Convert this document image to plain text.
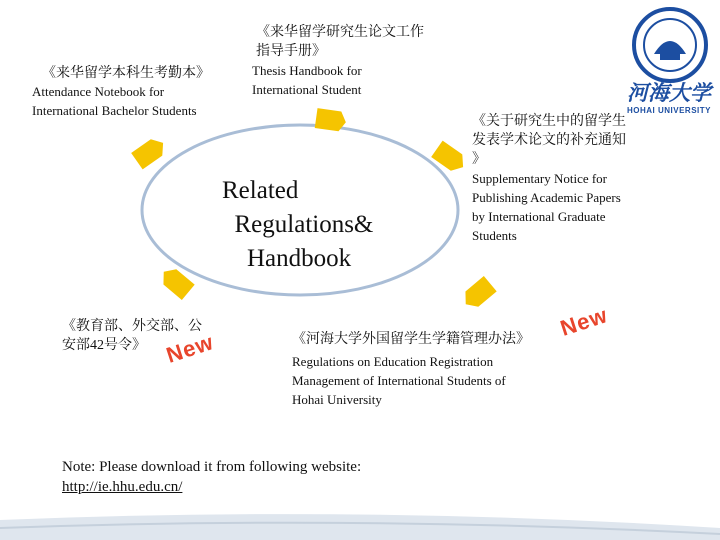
河海大学
HOHAI UNIVERSITY
《来华留学研究生论文工作
指导手册》
Thesis Handbook for
International Student
《来华留学本科生考勤本》
Attendance Notebook for
International Bachelor Students
《关于研究生中的留学生
发表学术论文的补充通知
》
Supplementary Notice for
Publishing Academic Papers
by International Graduate
Students
Related
Regulations&
Handbook
《教育部、外交部、公
安部42号令》 New	《河海大学外国留学生学籍管理办法》 New
Regulations on Education Registration
Management of International Students of
Hohai University
Note: Please download it from following website:
http://ie.hhu.edu.cn/
